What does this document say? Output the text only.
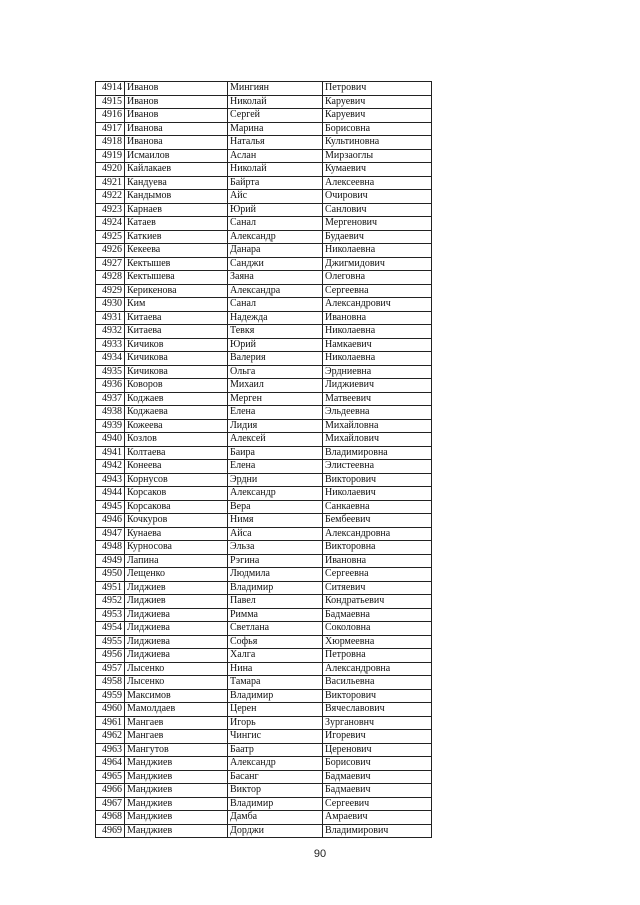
4914	Иванов	Мингиян	Петрович
4915	Иванов	Николай	Каруевич
4916	Иванов	Сергей	Каруевич
4917	Иванова	Марина	Борисовна
4918	Иванова	Наталья	Культиновна
4919	Исмаилов	Аслан	Мирзаоглы
4920	Кайлакаев	Николай	Кумаевич
4921	Кандуева	Байрта	Алексеевна
4922	Кандымов	Айс	Очирович
4923	Карнаев	Юрий	Санлович
4924	Катаев	Санал	Мергенович
4925	Каткиев	Александр	Будаевич
4926	Кекеева	Данара	Николаевна
4927	Кектышев	Санджи	Джигмидович
4928	Кектышева	Заяна	Олеговна
4929	Керикенова	Александра	Сергеевна
4930	Ким	Санал	Александрович
4931	Китаева	Надежда	Ивановна
4932	Китаева	Тевкя	Николаевна
4933	Кичиков	Юрий	Намкаевич
4934	Кичикова	Валерия	Николаевна
4935	Кичикова	Ольга	Эрдниевна
4936	Коворов	Михаил	Лиджиевич
4937	Коджаев	Мерген	Матвеевич
4938	Коджаева	Елена	Эльдеевна
4939	Кожеева	Лидия	Михайловна
4940	Козлов	Алексей	Михайлович
4941	Колтаева	Баира	Владимировна
4942	Конеева	Елена	Элистеевна
4943	Корнусов	Эрдни	Викторович
4944	Корсаков	Александр	Николаевич
4945	Корсакова	Вера	Санкаевна
4946	Кочкуров	Нимя	Бембеевич
4947	Кунаева	Айса	Александровна
4948	Курносова	Эльза	Викторовна
4949	Лапина	Рэгина	Ивановна
4950	Лещенко	Людмила	Сергеевна
4951	Лиджиев	Владимир	Ситяевич
4952	Лиджиев	Павел	Кондратьевич
4953	Лиджиева	Римма	Бадмаевна
4954	Лиджиева	Светлана	Соколовна
4955	Лиджиева	Софья	Хюрмеевна
4956	Лиджиева	Халга	Петровна
4957	Лысенко	Нина	Александровна
4958	Лысенко	Тамара	Васильевна
4959	Максимов	Владимир	Викторович
4960	Мамолдаев	Церен	Вячеславович
4961	Мангаев	Игорь	Зургановнч
4962	Мангаев	Чингис	Игоревич
4963	Мангутов	Баатр	Церенович
4964	Манджиев	Александр	Борисович
4965	Манджиев	Басанг	Бадмаевич
4966	Манджиев	Виктор	Бадмаевич
4967	Манджиев	Владимир	Сергеевич
4968	Манджиев	Дамба	Амраевич
4969	Манджиев	Дорджи	Владимирович
90
